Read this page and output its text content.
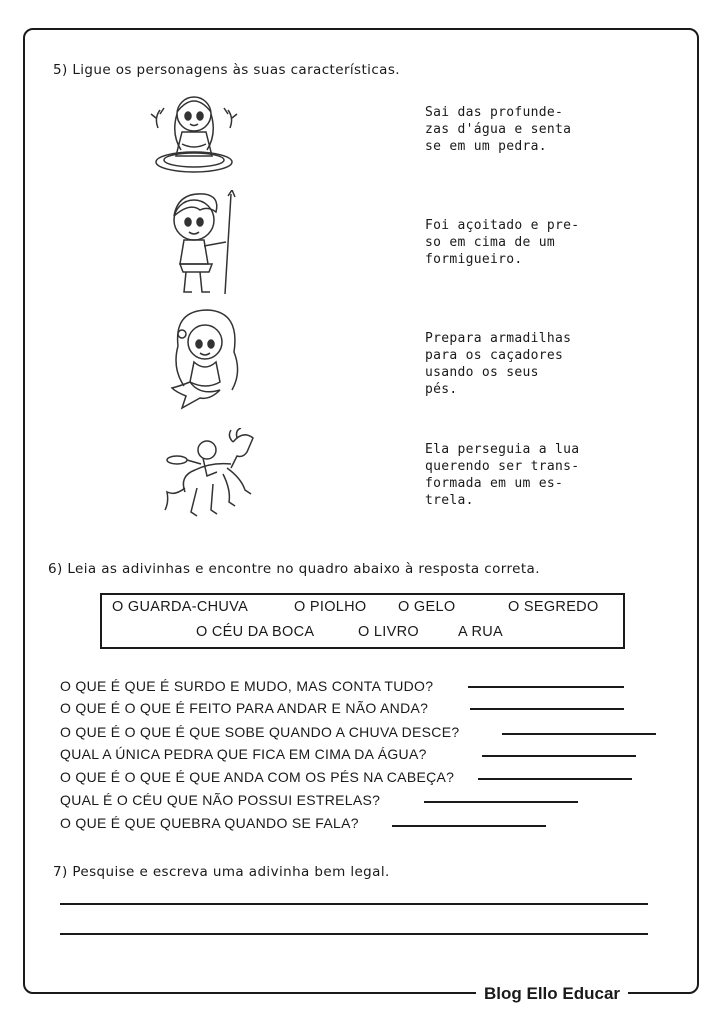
Blog Ello Educar
5) Ligue os personagens às suas características.
Sai das profunde-
zas d'água e senta
se em um pedra.
Foi açoitado e pre-
so em cima de um
formigueiro.
Prepara armadilhas
para os caçadores
usando os seus
pés.
Ela perseguia a lua
querendo ser trans-
formada em um es-
trela.
6) Leia as adivinhas e encontre no quadro abaixo à resposta correta.
O GUARDA-CHUVA	O PIOLHO O GELO	O SEGREDO
O CÉU DA BOCA	O LIVRO	A RUA
O QUE É QUE É SURDO E MUDO, MAS CONTA TUDO?
O QUE É O QUE É FEITO PARA ANDAR E NÃO ANDA?
O QUE É O QUE É QUE SOBE QUANDO A CHUVA DESCE?
QUAL A ÚNICA PEDRA QUE FICA EM CIMA DA ÁGUA?
O QUE É O QUE É QUE ANDA COM OS PÉS NA CABEÇA?
QUAL É O CÉU QUE NÃO POSSUI ESTRELAS?
O QUE É QUE QUEBRA QUANDO SE FALA?
7) Pesquise e escreva uma adivinha bem legal.
